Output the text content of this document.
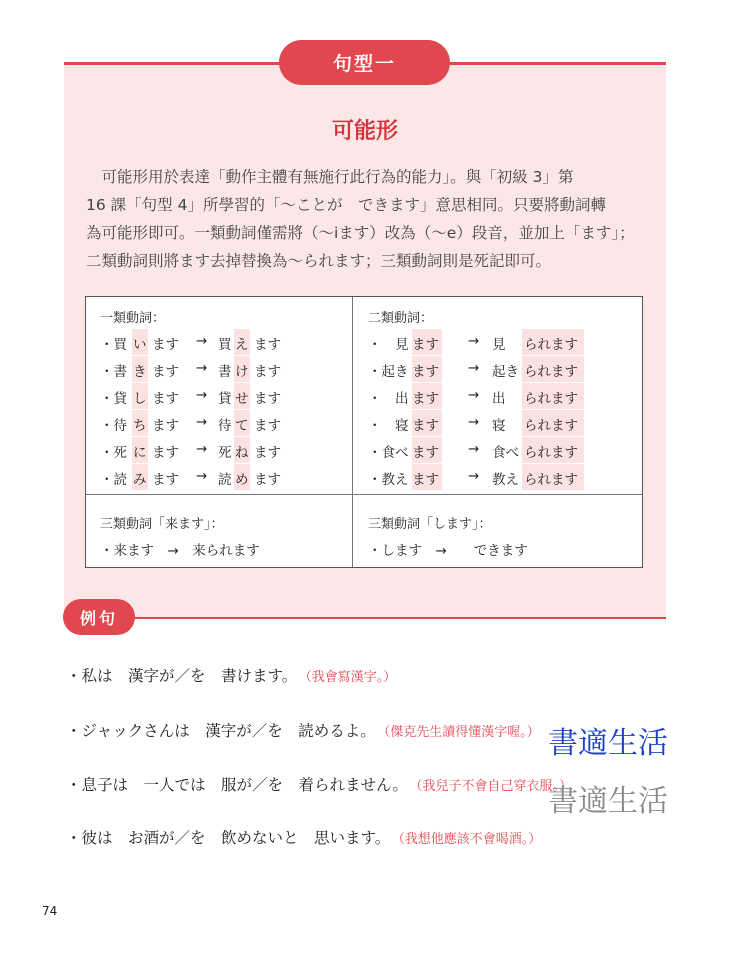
句型一
可能形
　可能形用於表達「動作主體有無施行此行為的能力」。與「初級 3」第
16 課「句型 4」所學習的「〜ことが　できます」意思相同。只要將動詞轉
為可能形即可。一類動詞僅需將（〜iます）改為（〜e）段音，並加上「ます」；
二類動詞則將ます去掉替換為〜られます；三類動詞則是死記即可。
一類動詞：	二類動詞：
・買 い ます → 買 え ます
・書 き ます → 書 け ます
・貸 し ます → 貸 せ ます
・待 ち ます → 待 て ます
・死 に ます → 死 ね ます
・読 み ます → 読 め ます
・　見 ます → 見 られます
・起き ます → 起き られます
・　出 ます → 出 られます
・　寝 ます → 寝 られます
・食べ ます → 食べ られます
・教え ます → 教え られます
三類動詞「来ます」：
・来ます　→　来られます
三類動詞「します」：
・します　→　　できます
例句
・私は　漢字が／を　書けます。 （我會寫漢字。）
・ジャックさんは　漢字が／を　読めるよ。 （傑克先生讀得懂漢字喔。）
・息子は　一人では　服が／を　着られません。 （我兒子不會自己穿衣服。）
・彼は　お酒が／を　飲めないと　思います。 （我想他應該不會喝酒。）
書適生活
書適生活
74
